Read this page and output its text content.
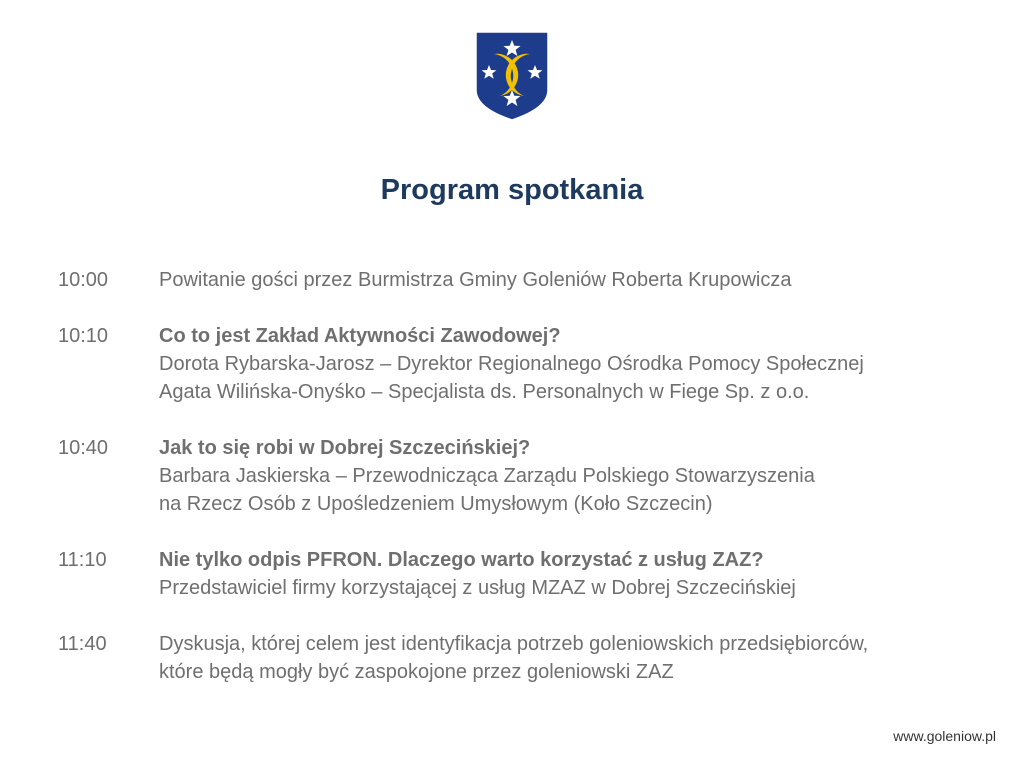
Program spotkania
10:00	Powitanie gości przez Burmistrza Gminy Goleniów Roberta Krupowicza
10:10	Co to jest Zakład Aktywności Zawodowej?
Dorota Rybarska-Jarosz – Dyrektor Regionalnego Ośrodka Pomocy Społecznej
Agata Wilińska-Onyśko – Specjalista ds. Personalnych w Fiege Sp. z o.o.
10:40	Jak to się robi w Dobrej Szczecińskiej?
Barbara Jaskierska – Przewodnicząca Zarządu Polskiego Stowarzyszenia
na Rzecz Osób z Upośledzeniem Umysłowym (Koło Szczecin)
11:10	Nie tylko odpis PFRON. Dlaczego warto korzystać z usług ZAZ?
Przedstawiciel firmy korzystającej z usług MZAZ w Dobrej Szczecińskiej
11:40	Dyskusja, której celem jest identyfikacja potrzeb goleniowskich przedsiębiorców,
które będą mogły być zaspokojone przez goleniowski ZAZ
www.goleniow.pl
